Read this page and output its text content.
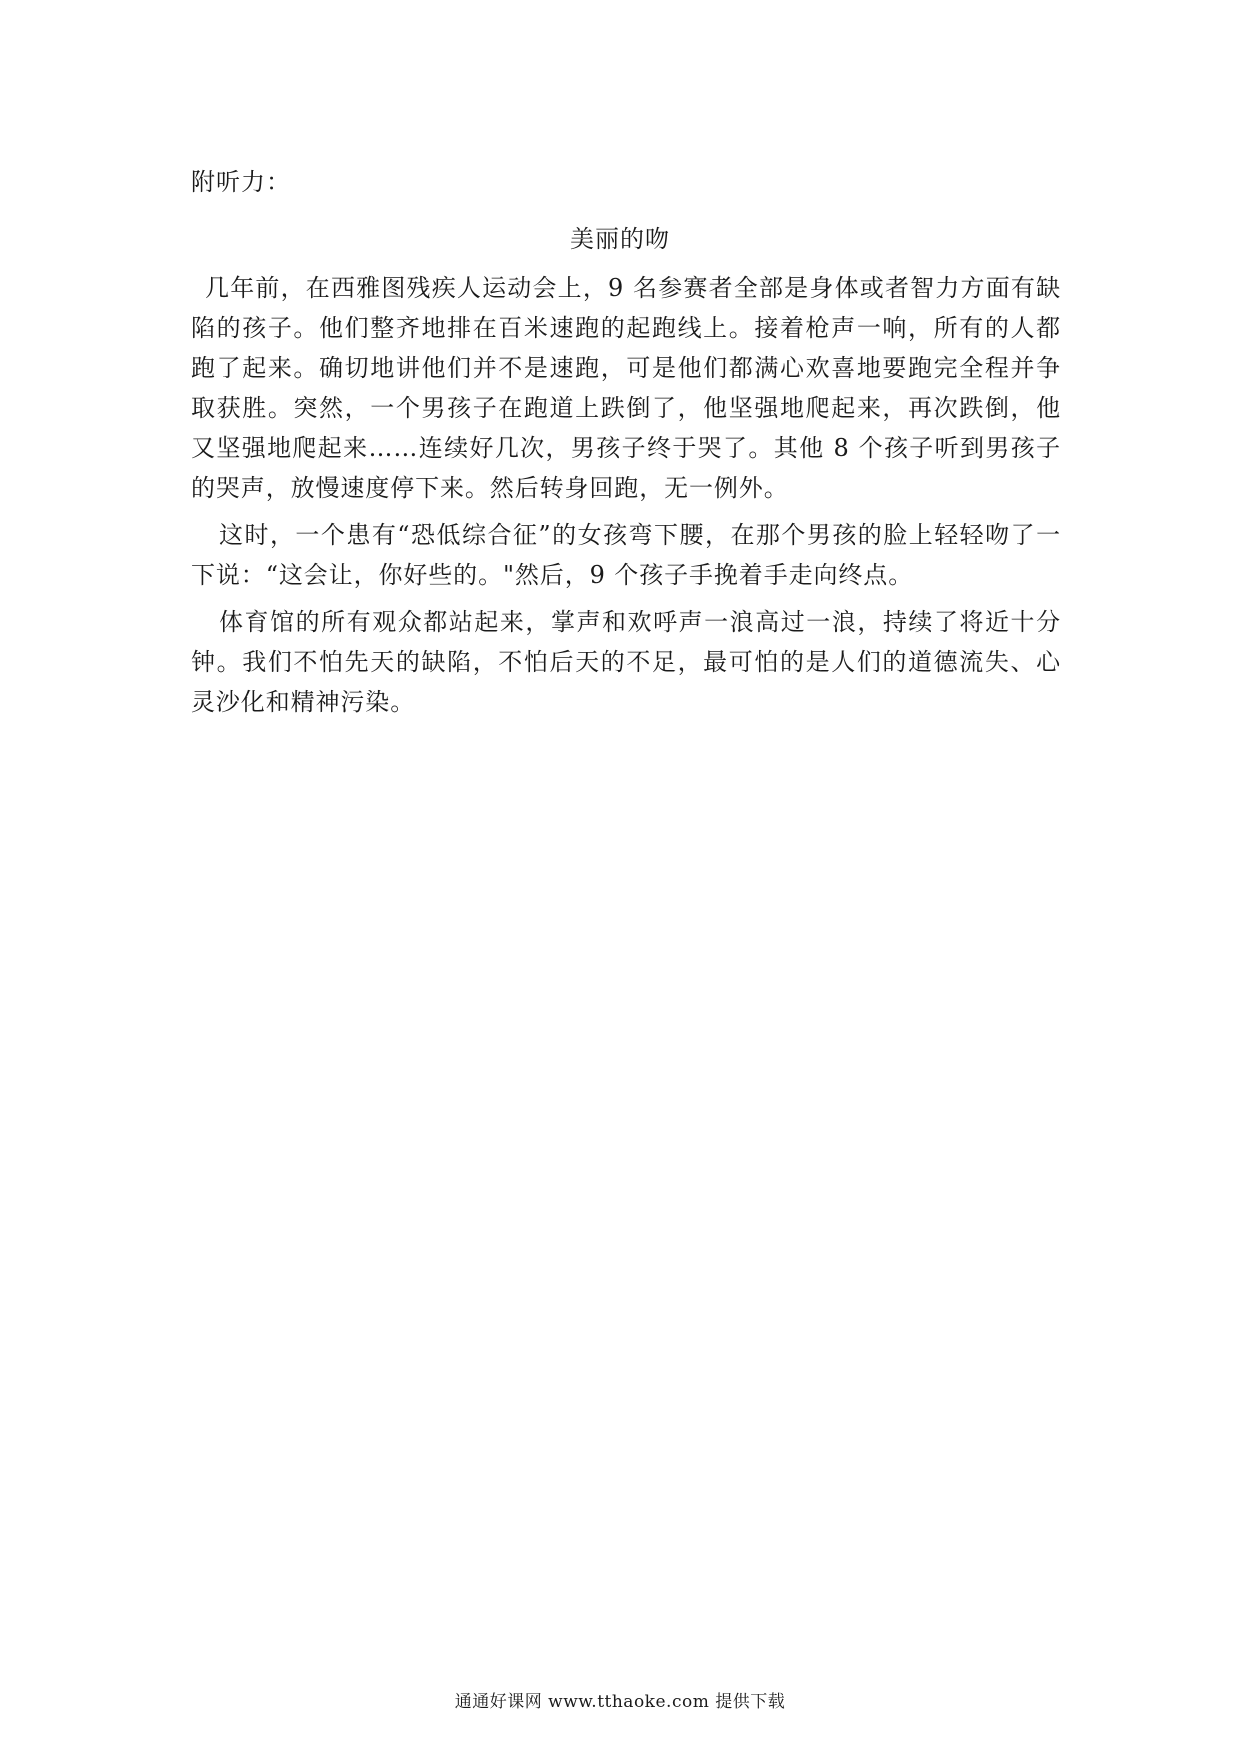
附听力：
美丽的吻

几年前，在西雅图残疾人运动会上，9 名参赛者全部是身体或者智力方面有缺陷的孩子。他们整齐地排在百米速跑的起跑线上。接着枪声一响，所有的人都跑了起来。确切地讲他们并不是速跑，可是他们都满心欢喜地要跑完全程并争取获胜。突然，一个男孩子在跑道上跌倒了，他坚强地爬起来，再次跌倒，他又坚强地爬起来……连续好几次，男孩子终于哭了。其他 8 个孩子听到男孩子的哭声，放慢速度停下来。然后转身回跑，无一例外。

这时，一个患有“恐低综合征”的女孩弯下腰，在那个男孩的脸上轻轻吻了一下说：“这会让，你好些的。"然后，9 个孩子手挽着手走向终点。

体育馆的所有观众都站起来，掌声和欢呼声一浪高过一浪，持续了将近十分钟。我们不怕先天的缺陷，不怕后天的不足，最可怕的是人们的道德流失、心灵沙化和精神污染。

通通好课网 www.tthaoke.com 提供下载
